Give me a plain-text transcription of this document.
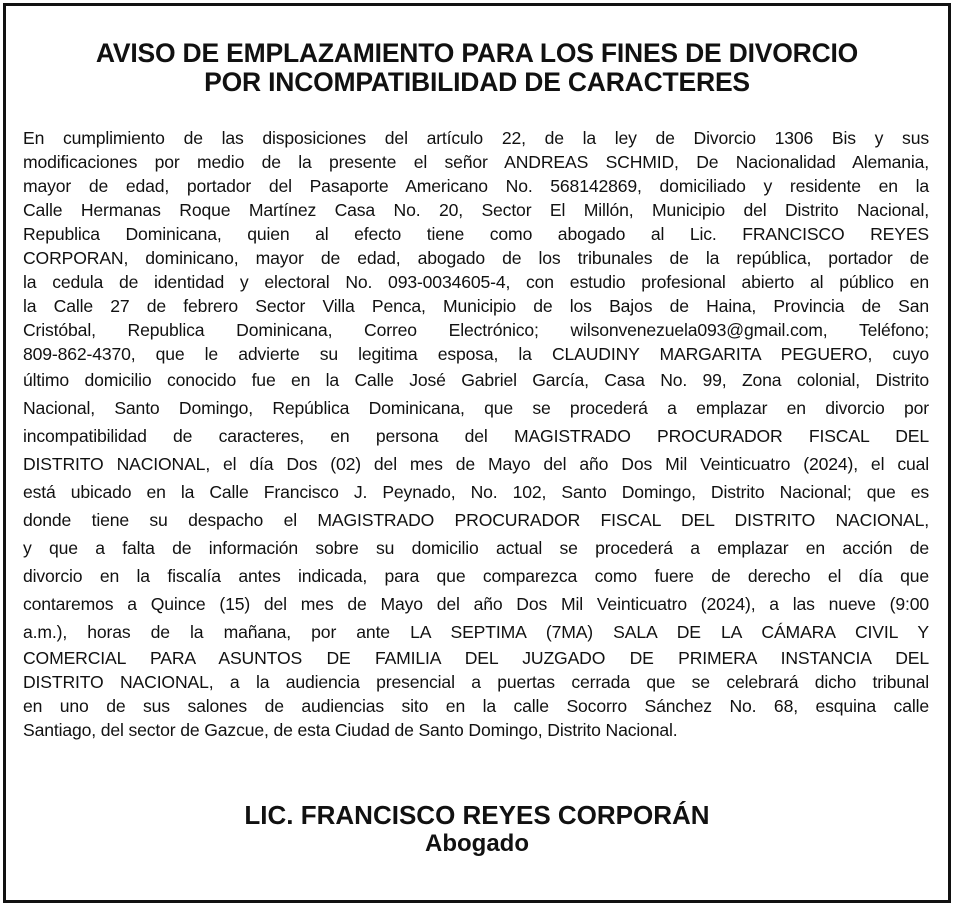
AVISO DE EMPLAZAMIENTO PARA LOS FINES DE DIVORCIO
POR INCOMPATIBILIDAD DE CARACTERES
En cumplimiento de las disposiciones del artículo 22, de la ley de Divorcio 1306 Bis y sus
modificaciones por medio de la presente el señor ANDREAS SCHMID, De Nacionalidad Alemania,
mayor de edad, portador del Pasaporte Americano No. 568142869, domiciliado y residente en la
Calle Hermanas Roque Martínez Casa No. 20, Sector El Millón, Municipio del Distrito Nacional,
Republica Dominicana, quien al efecto tiene como abogado al Lic. FRANCISCO REYES
CORPORAN, dominicano, mayor de edad, abogado de los tribunales de la república, portador de
la cedula de identidad y electoral No. 093-0034605-4, con estudio profesional abierto al público en
la Calle 27 de febrero Sector Villa Penca, Municipio de los Bajos de Haina, Provincia de San
Cristóbal, Republica Dominicana, Correo Electrónico; wilsonvenezuela093@gmail.com, Teléfono;
809-862-4370, que le advierte su legitima esposa, la CLAUDINY MARGARITA PEGUERO, cuyo
último domicilio conocido fue en la Calle José Gabriel García, Casa No. 99, Zona colonial, Distrito
Nacional, Santo Domingo, República Dominicana, que se procederá a emplazar en divorcio por
incompatibilidad de caracteres, en persona del MAGISTRADO PROCURADOR FISCAL DEL
DISTRITO NACIONAL, el día Dos (02) del mes de Mayo del año Dos Mil Veinticuatro (2024), el cual
está ubicado en la Calle Francisco J. Peynado, No. 102, Santo Domingo, Distrito Nacional; que es
donde tiene su despacho el MAGISTRADO PROCURADOR FISCAL DEL DISTRITO NACIONAL,
y que a falta de información sobre su domicilio actual se procederá a emplazar en acción de
divorcio en la fiscalía antes indicada, para que comparezca como fuere de derecho el día que
contaremos a Quince (15) del mes de Mayo del año Dos Mil Veinticuatro (2024), a las nueve (9:00
a.m.), horas de la mañana, por ante LA SEPTIMA (7MA) SALA DE LA CÁMARA CIVIL Y
COMERCIAL PARA ASUNTOS DE FAMILIA DEL JUZGADO DE PRIMERA INSTANCIA DEL
DISTRITO NACIONAL, a la audiencia presencial a puertas cerrada que se celebrará dicho tribunal
en uno de sus salones de audiencias sito en la calle Socorro Sánchez No. 68, esquina calle
Santiago, del sector de Gazcue, de esta Ciudad de Santo Domingo, Distrito Nacional.
LIC. FRANCISCO REYES CORPORÁN
Abogado
